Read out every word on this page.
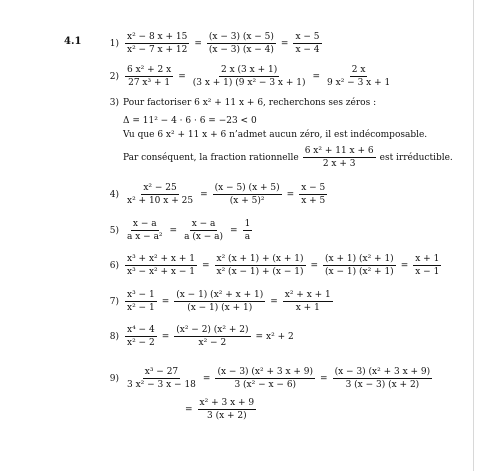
4.1	$1) \frac{\text{x² − 8 x + 15}}{\text{x² − 7 x + 12}} = \frac{(x - 3) (x - 5)}{(x - 3) (x - 4)} = \frac{x - 5}{x - 4}$
$2) \frac{\text{6 x² + 2 x}}{\text{27 x³ + 1}} = \frac{2 x (3 x + 1)}{\text{(3 x + 1) (9 x² − 3 x + 1)}} = \frac{2 x}{\text{9 x² − 3 x + 1}}$
3) Pour factoriser 6 x² + 11 x + 6, recherchons ses zéros :
$4) \frac{\text{x² − 25}}{\text{x² + 10 x + 25}} = \frac{(x - 5) (x + 5)}{\text{(x + 5)²}} = \frac{x - 5}{x + 5}$
$5) \frac{x - a}{\text{a x − a²}} = \frac{x - a}{a (x - a)} = \frac{1}{a}$
$6) \frac{\text{x³ + x² + x + 1}}{\text{x³ − x² + x − 1}} = \frac{\text{x² (x + 1) + (x + 1)}}{\text{x² (x − 1) + (x − 1)}} = \frac{\text{(x + 1) (x² + 1)}}{\text{(x − 1) (x² + 1)}} = \frac{x + 1}{x - 1}$
$7) \frac{\text{x³ − 1}}{\text{x² − 1}} = \frac{\text{(x − 1) (x² + x + 1)}}{(x - 1) (x + 1)} = \frac{\text{x² + x + 1}}{x + 1}$
$8) \frac{\text{x⁴ − 4}}{\text{x² − 2}} = \frac{\text{(x² − 2) (x² + 2)}}{\text{x² − 2}} = x^2 + 2$
$9) \frac{\text{x³ − 27}}{\text{3 x² − 3 x − 18}} = \frac{\text{(x − 3) (x² + 3 x + 9)}}{\text{3 (x² − x − 6)}} = \frac{\text{(x − 3) (x² + 3 x + 9)}}{3 (x - 3) (x + 2)}$
= $\frac{\text{x² + 3 x + 9}}{3 (x + 2)}$
Δ = 11² − 4 · 6 · 6 = −23 < 0
Vu que 6 x² + 11 x + 6 n’admet aucun zéro, il est indécomposable.
Par conséquent, la fraction rationnelle $\frac{\text{6 x² + 11 x + 6}}{2 x + 3}$ est irréductible.
